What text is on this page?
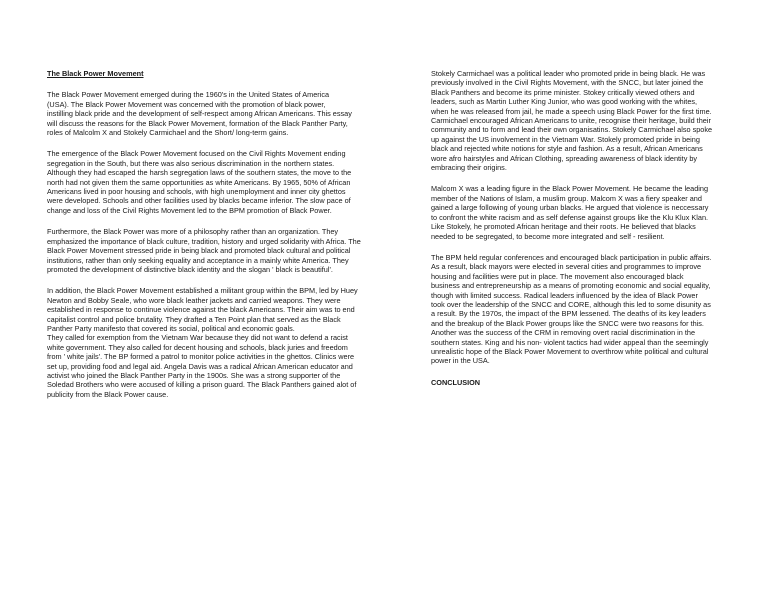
The Black Power Movement

The Black Power Movement emerged during the 1960's in the United States of America

(USA). The Black Power Movement was concerned with the promotion of black power,

instilling black pride and the development of self-respect among African Americans. This essay will discuss the reasons for the Black Power Movement, formation of the Black Panther Party, roles of Malcolm X and Stokely Carmichael and the Short/ long-term gains.

The emergence of the Black Power Movement focused on the Civil Rights Movement ending segregation in the South, but there was also serious discrimination in the northern states.

Although they had escaped the harsh segregation laws of the southern states, the move to the north had not given them the same opportunities as white Americans. By 1965, 50% of African Americans lived in poor housing and schools, with high unemployment and inner city ghettos were developed. Schools and other facilities used by blacks became inferior. The slow pace of change and loss of the Civil Rights Movement led to the BPM promotion of Black Power.

Furthermore, the Black Power was more of a philosophy rather than an organization. They emphasized the importance of black culture, tradition, history and urged solidarity with Africa. The Black Power Movement stressed pride in being black and promoted black cultural and political institutions, rather than only seeking equality and acceptance in a mainly white America. They promoted the development of distinctive black identity and the slogan ' black is beautiful'.

In addition, the Black Power Movement established a militant group within the BPM, led by Huey Newton and Bobby Seale, who wore black leather jackets and carried weapons. They were established in response to continue violence against the black Americans. Their aim was to end capitalist control and police brutality. They drafted a Ten Point plan that served as the Black Panther Party manifesto that covered its social, political and economic goals.

They called for exemption from the Vietnam War because they did not want to defend a racist white government. They also called for decent housing and schools, black juries and freedom from ' white jails'. The BP formed a patrol to monitor police activities in the ghettos. Clinics were set up, providing food and legal aid. Angela Davis was a radical African American educator and activist who joined the Black Panther Party in the 1900s. She was a strong supporter of the Soledad Brothers who were accused of killing a prison guard. The Black Panthers gained alot of publicity from the Black Power cause.

Stokely Carmichael was a political leader who promoted pride in being black. He was previously involved in the Civil Rights Movement, with the SNCC, but later joined the Black Panthers and become its prime minister. Stokey critically viewed others and leaders, such as Martin Luther King Junior, who was good working with the whites, when he was released from jail, he made a speech using Black Power for the first time. Carmichael encouraged African Americans to unite, recognise their heritage, build their community and to form and lead their own organisatins. Stokely Carmichael also spoke up against the US involvement in the Vietnam War. Stokely promoted pride in being black and rejected white notions for style and fashion. As a result, African Americans wore afro hairstyles and African Clothing, spreading awareness of black identity by embracing their origins.

Malcom X was a leading figure in the Black Power Movement. He became the leading member of the Nations of Islam, a muslim group. Malcom X was a fiery speaker and gained a large following of young urban blacks. He argued that violence is neccessary to confront the white racism and as self defense against groups like the Klu Klux Klan. Like Stokely, he promoted African heritage and their roots. He believed that blacks needed to be segregated, to become more integrated and self - resilient.

The BPM held regular conferences and encouraged black participation in public affairs.

As a result, black mayors were elected in several cities and programmes to improve housing and facilities were put in place. The movement also encouraged black business and entrepreneurship as a means of promoting economic and social equality, though with limited success. Radical leaders influenced by the idea of Black Power took over the leadership of the SNCC and CORE, although this led to some disunity as a result. By the 1970s, the impact of the BPM lessened. The deaths of its key leaders and the breakup of the Black Power groups like the SNCC were two reasons for this. Another was the success of the CRM in removing overt racial discrimination in the southern states. King and his non- violent tactics had wider appeal than the seemingly unrealistic hope of the Black Power Movement to overthrow white political and cultural power in the USA.

CONCLUSION
